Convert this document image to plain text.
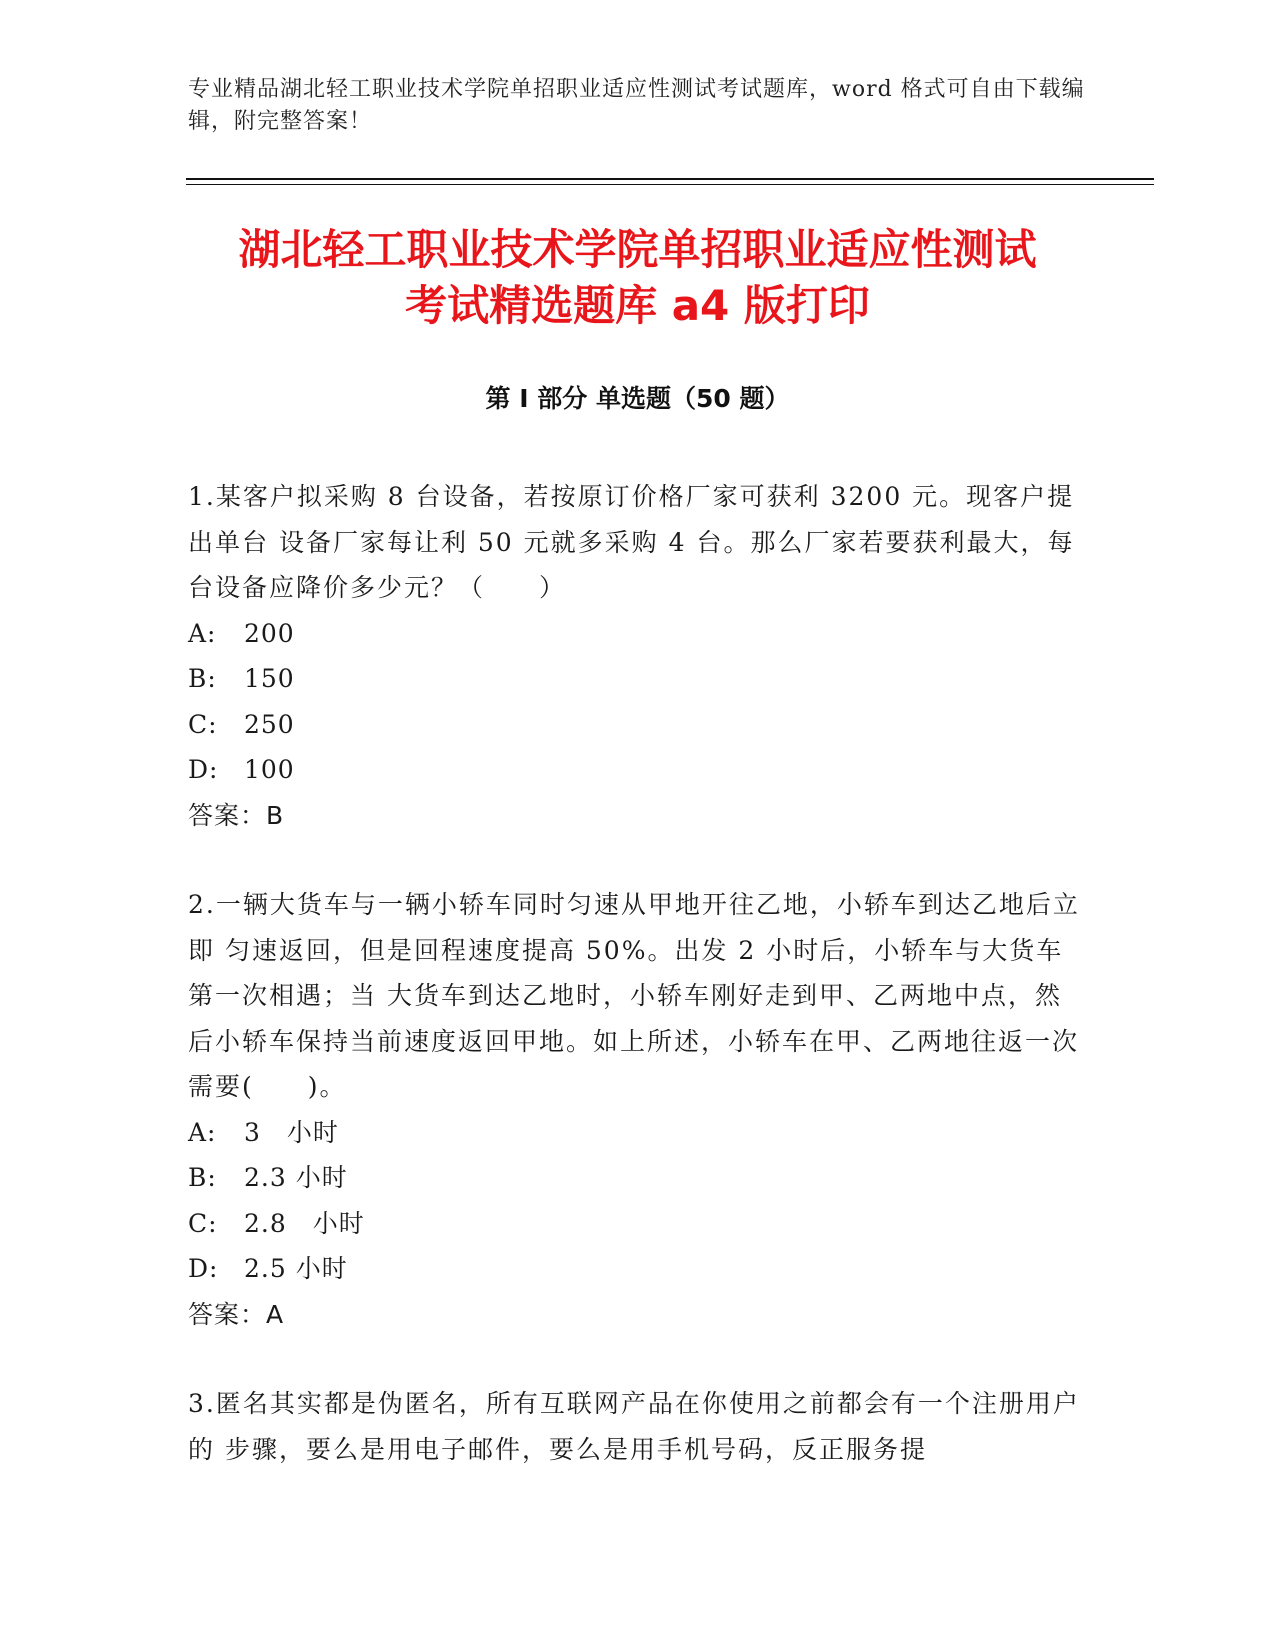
专业精品湖北轻工职业技术学院单招职业适应性测试考试题库，word 格式可自由下载编辑，附完整答案！
湖北轻工职业技术学院单招职业适应性测试
考试精选题库 a4 版打印
第 I 部分 单选题（50 题）

1.某客户拟采购 8 台设备，若按原订价格厂家可获利 3200 元。现客户提出单台 设备厂家每让利 50 元就多采购 4 台。那么厂家若要获利最大，每台设备应降价多少元？（　　）

A: 200

B: 150

C: 250

D: 100

答案：B

2.一辆大货车与一辆小轿车同时匀速从甲地开往乙地，小轿车到达乙地后立即 匀速返回，但是回程速度提高 50%。出发 2 小时后，小轿车与大货车第一次相遇；当 大货车到达乙地时，小轿车刚好走到甲、乙两地中点，然后小轿车保持当前速度返回甲地。如上所述，小轿车在甲、乙两地往返一次需要(　　)。

A: 3　小时

B: 2.3 小时

C: 2.8　小时

D: 2.5 小时

答案：A

3.匿名其实都是伪匿名，所有互联网产品在你使用之前都会有一个注册用户的 步骤，要么是用电子邮件，要么是用手机号码，反正服务提
